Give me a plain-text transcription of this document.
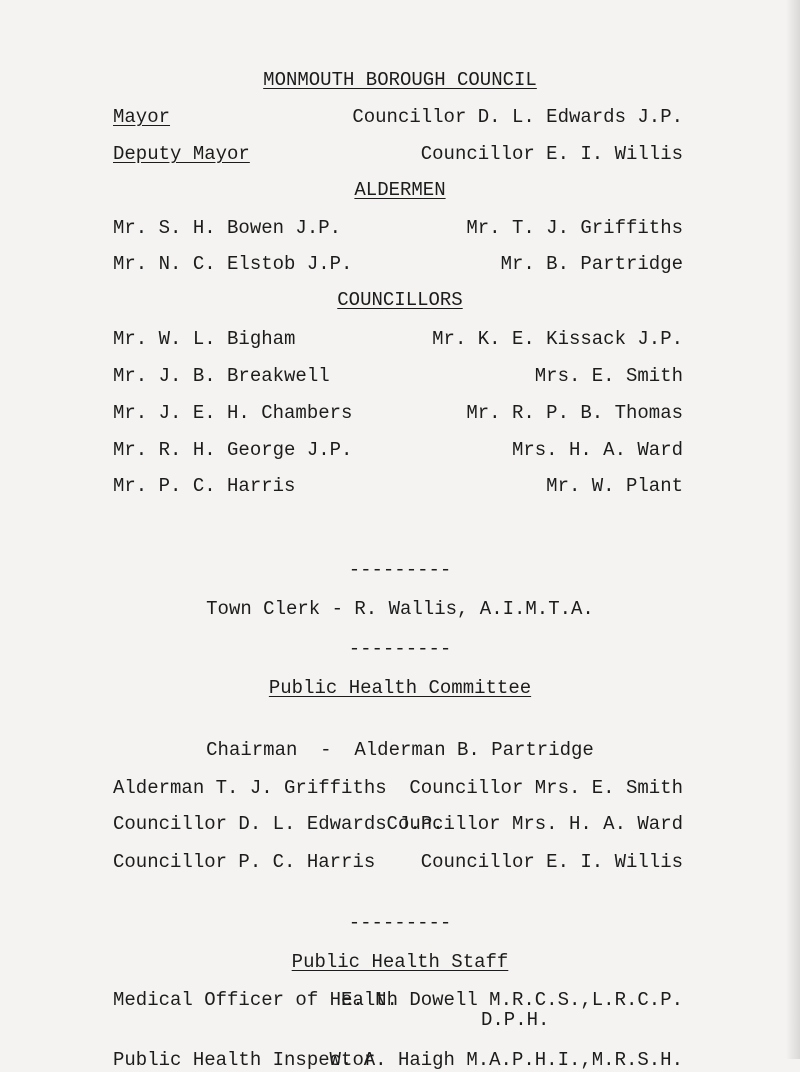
MONMOUTH BOROUGH COUNCIL
Mayor	Councillor D. L. Edwards J.P.
Deputy Mayor	Councillor E. I. Willis
ALDERMEN
Mr. S. H. Bowen J.P.
Mr. N. C. Elstob J.P.
Mr. T. J. Griffiths
Mr. B. Partridge
COUNCILLORS
Mr. W. L. Bigham
Mr. J. B. Breakwell
Mr. J. E. H. Chambers
Mr. R. H. George J.P.
Mr. P. C. Harris
Mr. K. E. Kissack J.P.
Mrs. E. Smith
Mr. R. P. B. Thomas
Mrs. H. A. Ward
Mr. W. Plant
---------
Town Clerk - R. Wallis, A.I.M.T.A.
---------
Public Health Committee
Chairman  -  Alderman B. Partridge
Alderman T. J. Griffiths
Councillor D. L. Edwards J.P.
Councillor P. C. Harris
Councillor Mrs. E. Smith
Councillor Mrs. H. A. Ward
Councillor E. I. Willis
---------
Public Health Staff
Medical Officer of Health
E. N. Dowell M.R.C.S.,L.R.C.P.
D.P.H.
Public Health Inspector
W. A. Haigh M.A.P.H.I.,M.R.S.H.
